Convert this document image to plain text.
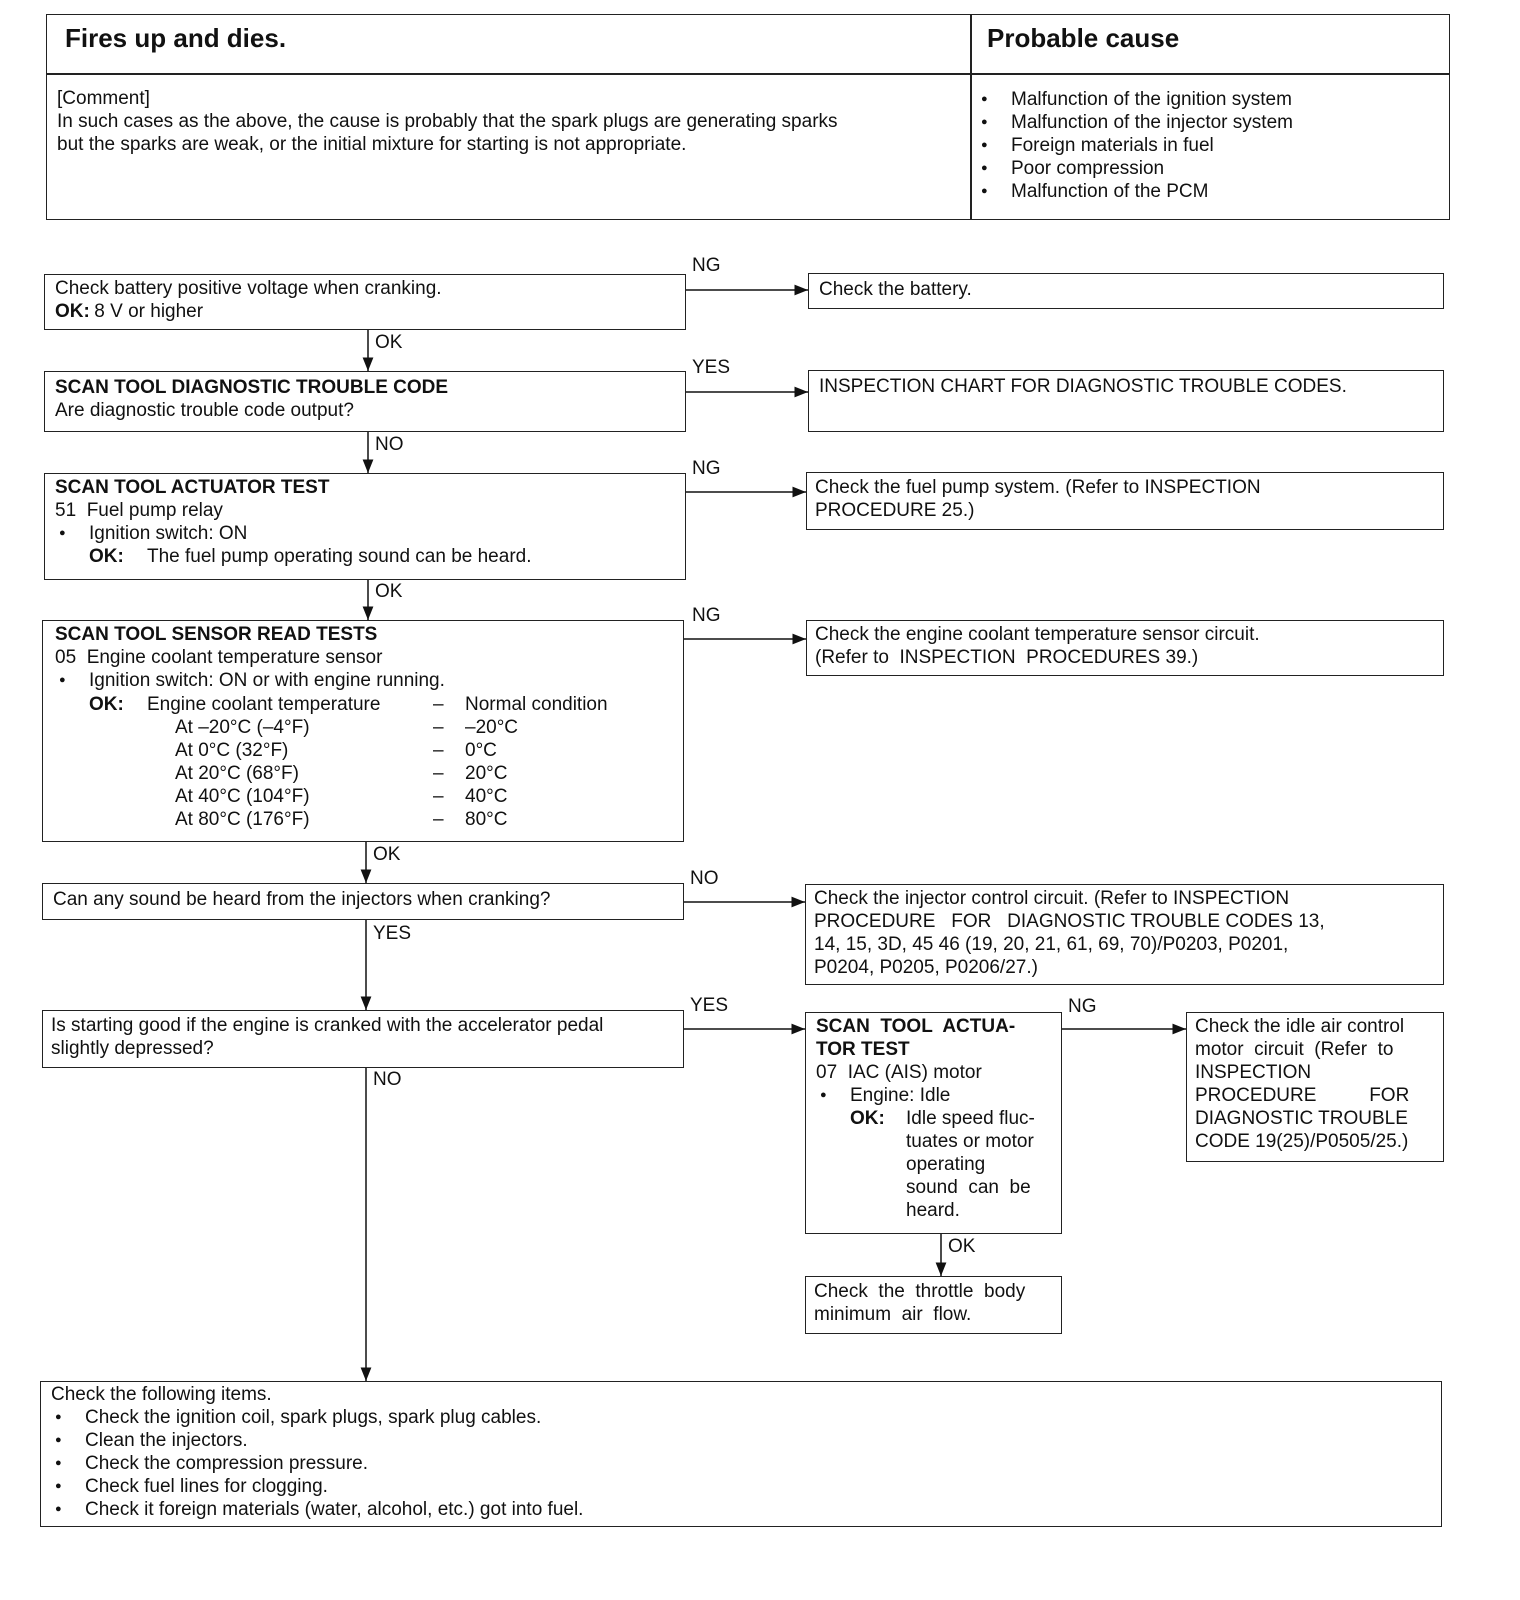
Fires up and dies.	Probable cause
[Comment]
In such cases as the above, the cause is probably that the spark plugs are generating sparks
but the sparks are weak, or the initial mixture for starting is not appropriate.
● Malfunction of the ignition system
● Malfunction of the injector system
● Foreign materials in fuel
● Poor compression
● Malfunction of the PCM
NG
OK
YES
NO
NG
OK
NG
OK
NO
YES
YES
NO
NG
OK
Check battery positive voltage when cranking.
OK: 8 V or higher
Check the battery.
SCAN TOOL DIAGNOSTIC TROUBLE CODE
Are diagnostic trouble code output?
INSPECTION CHART FOR DIAGNOSTIC TROUBLE CODES.
SCAN TOOL ACTUATOR TEST
51  Fuel pump relay
● Ignition switch: ON
OK: The fuel pump operating sound can be heard.
Check the fuel pump system. (Refer to INSPECTION
PROCEDURE 25.)
SCAN TOOL SENSOR READ TESTS
05  Engine coolant temperature sensor
● Ignition switch: ON or with engine running.
OK: Engine coolant temperature	– Normal condition
At –20°C (–4°F)	– –20°C
At 0°C (32°F)	– 0°C
At 20°C (68°F)	– 20°C
At 40°C (104°F)	– 40°C
At 80°C (176°F)	– 80°C
Check the engine coolant temperature sensor circuit.
(Refer to  INSPECTION  PROCEDURES 39.)
Can any sound be heard from the injectors when cranking?	Check the injector control circuit. (Refer to INSPECTION
PROCEDURE   FOR   DIAGNOSTIC TROUBLE CODES 13,
14, 15, 3D, 45 46 (19, 20, 21, 61, 69, 70)/P0203, P0201,
P0204, P0205, P0206/27.)
Is starting good if the engine is cranked with the accelerator pedal
slightly depressed?
SCAN  TOOL  ACTUA-
TOR TEST
07  IAC (AIS) motor
● Engine: Idle
OK: Idle speed fluc-
tuates or motor
operating
sound  can  be
heard.
Check the idle air control
motor  circuit  (Refer  to
INSPECTION
PROCEDURE          FOR
DIAGNOSTIC TROUBLE
CODE 19(25)/P0505/25.)
Check  the  throttle  body
minimum  air  flow.
Check the following items.
● Check the ignition coil, spark plugs, spark plug cables.
● Clean the injectors.
● Check the compression pressure.
● Check fuel lines for clogging.
● Check it foreign materials (water, alcohol, etc.) got into fuel.
